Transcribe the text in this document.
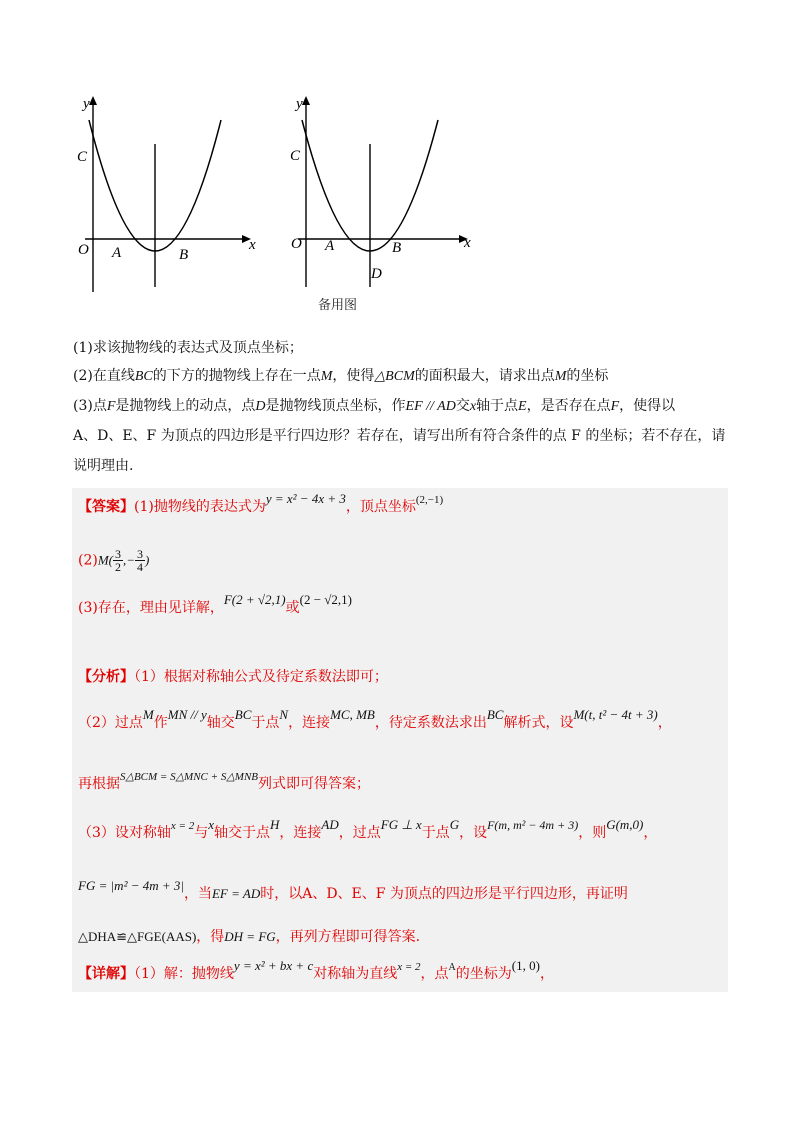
y
x
C
O A	B
y
x
C
O A	B
D
备用图
(1)求该抛物线的表达式及顶点坐标；
(2)在直线BC的下方的抛物线上存在一点M，使得△BCM的面积最大，请求出点M的坐标
(3)点F是抛物线上的动点，点D是抛物线顶点坐标，作EF // AD交x轴于点E，是否存在点F，使得以
A、D、E、F 为顶点的四边形是平行四边形？若存在，请写出所有符合条件的点 F 的坐标；若不存在，请
说明理由.
【答案】(1)抛物线的表达式为y = x² − 4x + 3，顶点坐标$^{(2,-1)}$
$(2)M( \frac{3}{2}$ ,− $\frac{3}{4}$ )
(3)存在，理由见详解，F(2 + √2,1)或(2 − √2,1)
【分析】（1）根据对称轴公式及待定系数法即可；
（2）过点M作MN // y轴交BC于点N，连接MC, MB，待定系数法求出BC解析式，设M(t, t² − 4t + 3)，
再根据$^{S\triangle BCM = S\triangle MNC + S\triangle MNB}$列式即可得答案；
（3）设对称轴$^{x = 2}$与x轴交于点H，连接AD，过点FG ⊥ x于点G，设F(m, m² − 4m + 3)，则G(m,0)，
FG = |m² − 4m + 3|，当EF = AD时，以A、D、E、F 为顶点的四边形是平行四边形，再证明
△DHA≌△FGE(AAS)，得DH = FG，再列方程即可得答案.
【详解】（1）解：抛物线y = x² + bx + c对称轴为直线$^{x = 2}$，点$^A$的坐标为(1, 0)，
